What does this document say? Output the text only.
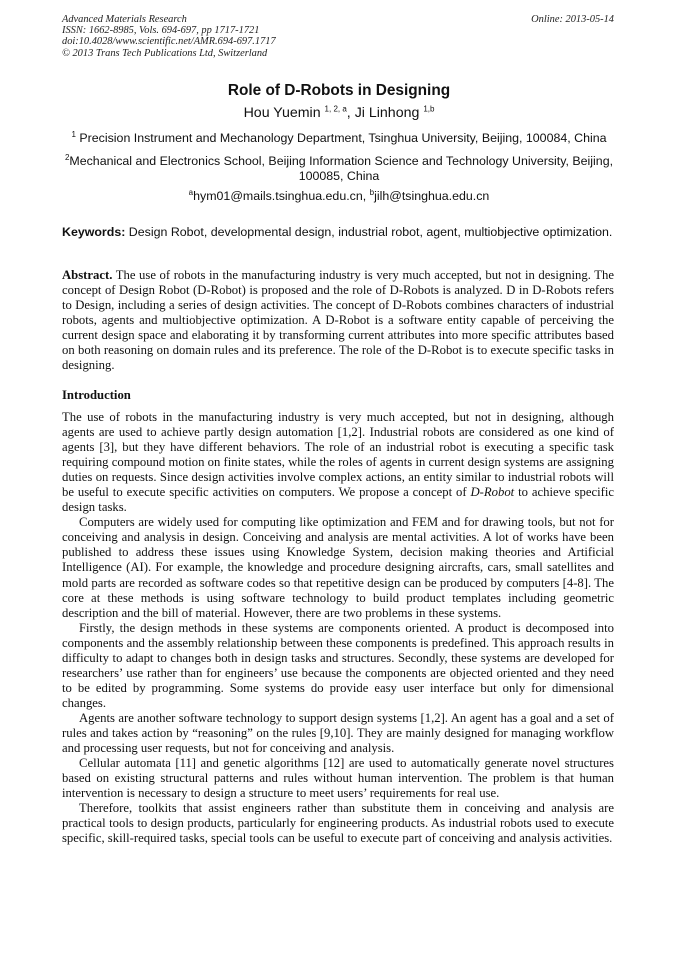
Advanced Materials Research
ISSN: 1662-8985, Vols. 694-697, pp 1717-1721
doi:10.4028/www.scientific.net/AMR.694-697.1717
© 2013 Trans Tech Publications Ltd, Switzerland
Online: 2013-05-14
Role of D-Robots in Designing
Hou Yuemin $^{1, 2, a}$, Ji Linhong $^{1,b}$
$^1$ Precision Instrument and Mechanology Department, Tsinghua University, Beijing, 100084, China
$^2$Mechanical and Electronics School, Beijing Information Science and Technology University, Beijing, 100085, China
$^a$hym01@mails.tsinghua.edu.cn, $^b$jilh@tsinghua.edu.cn
Keywords: Design Robot, developmental design, industrial robot, agent, multiobjective optimization.
Abstract. The use of robots in the manufacturing industry is very much accepted, but not in designing. The concept of Design Robot (D-Robot) is proposed and the role of D-Robots is analyzed. D in D-Robots refers to Design, including a series of design activities. The concept of D-Robots combines characters of industrial robots, agents and multiobjective optimization. A D-Robot is a software entity capable of perceiving the current design space and elaborating it by transforming current attributes into more specific attributes based on both reasoning on domain rules and its preference. The role of the D-Robot is to execute specific tasks in designing.
Introduction

The use of robots in the manufacturing industry is very much accepted, but not in designing, although agents are used to achieve partly design automation [1,2]. Industrial robots are considered as one kind of agents [3], but they have different behaviors. The role of an industrial robot is executing a specific task requiring compound motion on finite states, while the roles of agents in current design systems are assigning duties on requests. Since design activities involve complex actions, an entity similar to industrial robots will be useful to execute specific activities on computers. We propose a concept of D-Robot to achieve specific design tasks.

Computers are widely used for computing like optimization and FEM and for drawing tools, but not for conceiving and analysis in design. Conceiving and analysis are mental activities. A lot of works have been published to address these issues using Knowledge System, decision making theories and Artificial Intelligence (AI). For example, the knowledge and procedure designing aircrafts, cars, small satellites and mold parts are recorded as software codes so that repetitive design can be produced by computers [4-8]. The core at these methods is using software technology to build product templates including geometric description and the bill of material. However, there are two problems in these systems.

Firstly, the design methods in these systems are components oriented. A product is decomposed into components and the assembly relationship between these components is predefined. This approach results in difficulty to adapt to changes both in design tasks and structures. Secondly, these systems are developed for researchers’ use rather than for engineers’ use because the components are objected oriented and they need to be edited by programming. Some systems do provide easy user interface but only for dimensional changes.

Agents are another software technology to support design systems [1,2]. An agent has a goal and a set of rules and takes action by “reasoning” on the rules [9,10]. They are mainly designed for managing workflow and processing user requests, but not for conceiving and analysis.

Cellular automata [11] and genetic algorithms [12] are used to automatically generate novel structures based on existing structural patterns and rules without human intervention. The problem is that human intervention is necessary to design a structure to meet users’ requirements for real use.

Therefore, toolkits that assist engineers rather than substitute them in conceiving and analysis are practical tools to design products, particularly for engineering products. As industrial robots used to execute specific, skill-required tasks, special tools can be useful to execute part of conceiving and analysis activities.
